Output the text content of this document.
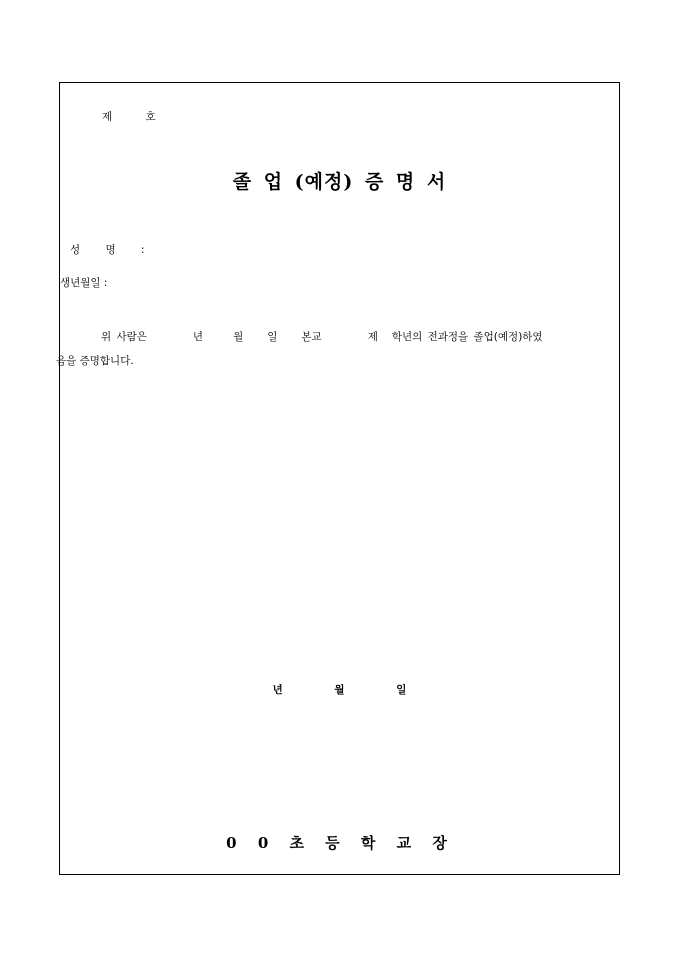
제 호
졸 업 (예정) 증 명 서
성 명 :
생년월일 :
위 사람은	년	월 일 본교	제 학년의 전과정을 졸업(예정)하였
음을 증명합니다.
년 월 일
0 0 초 등 학 교 장
